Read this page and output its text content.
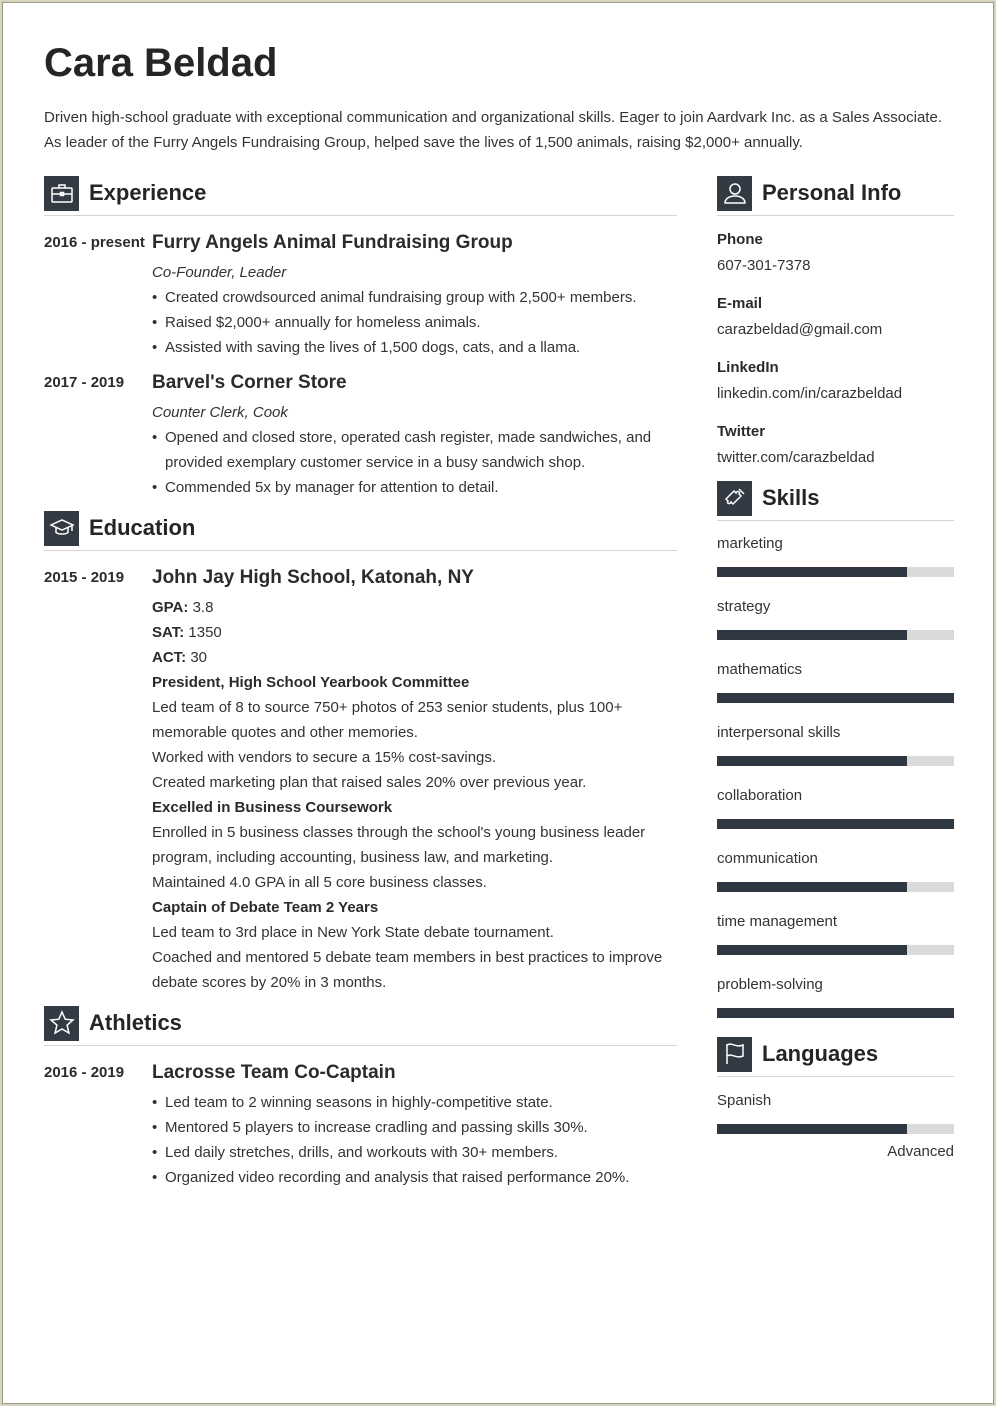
Cara Beldad
Driven high-school graduate with exceptional communication and organizational skills. Eager to join Aardvark Inc. as a Sales Associate. As leader of the Furry Angels Fundraising Group, helped save the lives of 1,500 animals, raising $2,000+ annually.
Experience
2016 - present Furry Angels Animal Fundraising Group
Co-Founder, Leader
• Created crowdsourced animal fundraising group with 2,500+ members.
• Raised $2,000+ annually for homeless animals.
• Assisted with saving the lives of 1,500 dogs, cats, and a llama.
2017 - 2019	Barvel's Corner Store
Counter Clerk, Cook
• Opened and closed store, operated cash register, made sandwiches, and provided exemplary customer service in a busy sandwich shop.
• Commended 5x by manager for attention to detail.
Education
2015 - 2019	John Jay High School, Katonah, NY
GPA: 3.8
SAT: 1350
ACT: 30
President, High School Yearbook Committee
Led team of 8 to source 750+ photos of 253 senior students, plus 100+ memorable quotes and other memories.
Worked with vendors to secure a 15% cost-savings.
Created marketing plan that raised sales 20% over previous year.
Excelled in Business Coursework
Enrolled in 5 business classes through the school's young business leader program, including accounting, business law, and marketing.
Maintained 4.0 GPA in all 5 core business classes.
Captain of Debate Team 2 Years
Led team to 3rd place in New York State debate tournament.
Coached and mentored 5 debate team members in best practices to improve debate scores by 20% in 3 months.
Athletics
2016 - 2019	Lacrosse Team Co-Captain
• Led team to 2 winning seasons in highly-competitive state.
• Mentored 5 players to increase cradling and passing skills 30%.
• Led daily stretches, drills, and workouts with 30+ members.
• Organized video recording and analysis that raised performance 20%.
Personal Info
Phone
607-301-7378
E-mail
carazbeldad@gmail.com
LinkedIn
linkedin.com/in/carazbeldad
Twitter
twitter.com/carazbeldad
Skills
marketing
strategy
mathematics
interpersonal skills
collaboration
communication
time management
problem-solving
Languages
Spanish
Advanced
